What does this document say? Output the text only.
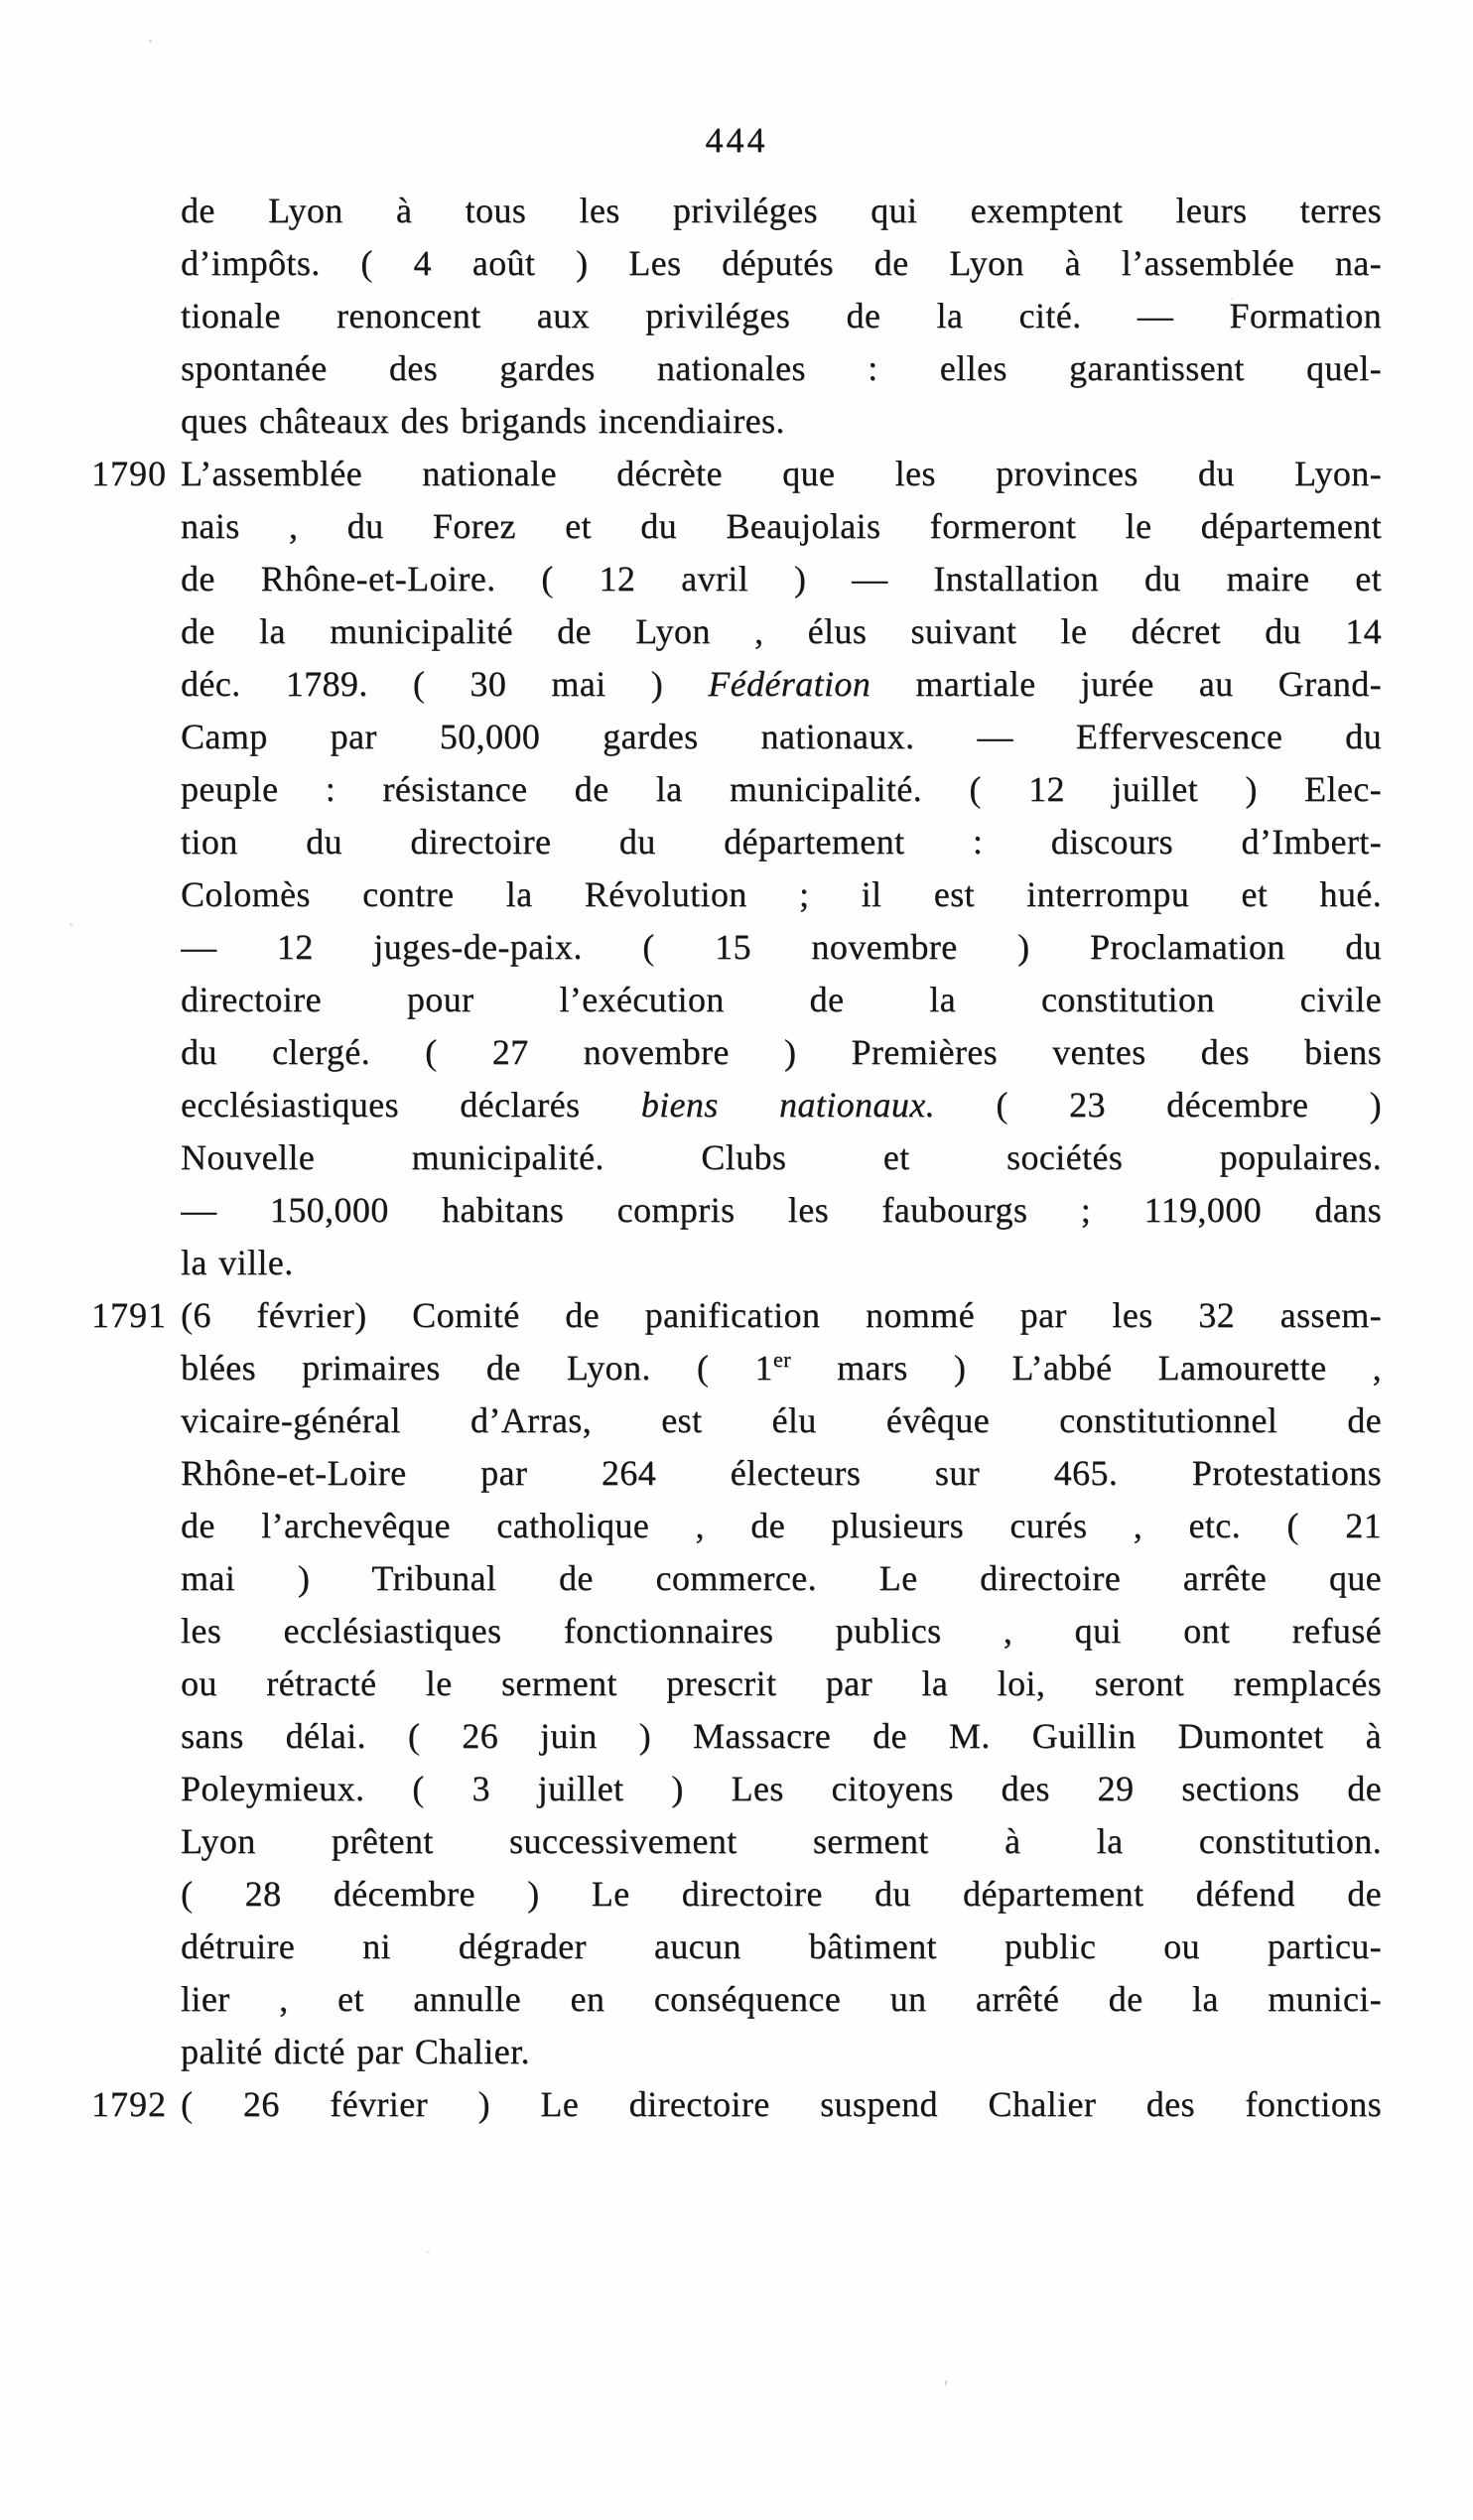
444
de Lyon à tous les priviléges qui exemptent leurs terres
d’impôts. ( 4 août ) Les députés de Lyon à l’assemblée na-
tionale renoncent aux priviléges de la cité. — Formation
spontanée des gardes nationales : elles garantissent quel-
ques châteaux des brigands incendiaires.
1790 L’assemblée nationale décrète que les provinces du Lyon-
nais , du Forez et du Beaujolais formeront le département
de Rhône-et-Loire. ( 12 avril ) — Installation du maire et
de la municipalité de Lyon , élus suivant le décret du 14
déc. 1789. ( 30 mai ) Fédération martiale jurée au Grand-
Camp par 50,000 gardes nationaux. — Effervescence du
peuple : résistance de la municipalité. ( 12 juillet ) Elec-
tion du directoire du département : discours d’Imbert-
Colomès contre la Révolution ; il est interrompu et hué.
— 12 juges-de-paix. ( 15 novembre ) Proclamation du
directoire pour l’exécution de la constitution civile
du clergé. ( 27 novembre ) Premières ventes des biens
ecclésiastiques déclarés biens nationaux. ( 23 décembre )
Nouvelle municipalité. Clubs et sociétés populaires.
— 150,000 habitans compris les faubourgs ; 119,000 dans
la ville.
1791 (6 février) Comité de panification nommé par les 32 assem-
blées primaires de Lyon. ( 1er mars ) L’abbé Lamourette ,
vicaire-général d’Arras, est élu évêque constitutionnel de
Rhône-et-Loire par 264 électeurs sur 465. Protestations
de l’archevêque catholique , de plusieurs curés , etc. ( 21
mai ) Tribunal de commerce. Le directoire arrête que
les ecclésiastiques fonctionnaires publics , qui ont refusé
ou rétracté le serment prescrit par la loi, seront remplacés
sans délai. ( 26 juin ) Massacre de M. Guillin Dumontet à
Poleymieux. ( 3 juillet ) Les citoyens des 29 sections de
Lyon prêtent successivement serment à la constitution.
( 28 décembre ) Le directoire du département défend de
détruire ni dégrader aucun bâtiment public ou particu-
lier , et annulle en conséquence un arrêté de la munici-
palité dicté par Chalier.
1792 ( 26 février ) Le directoire suspend Chalier des fonctions
